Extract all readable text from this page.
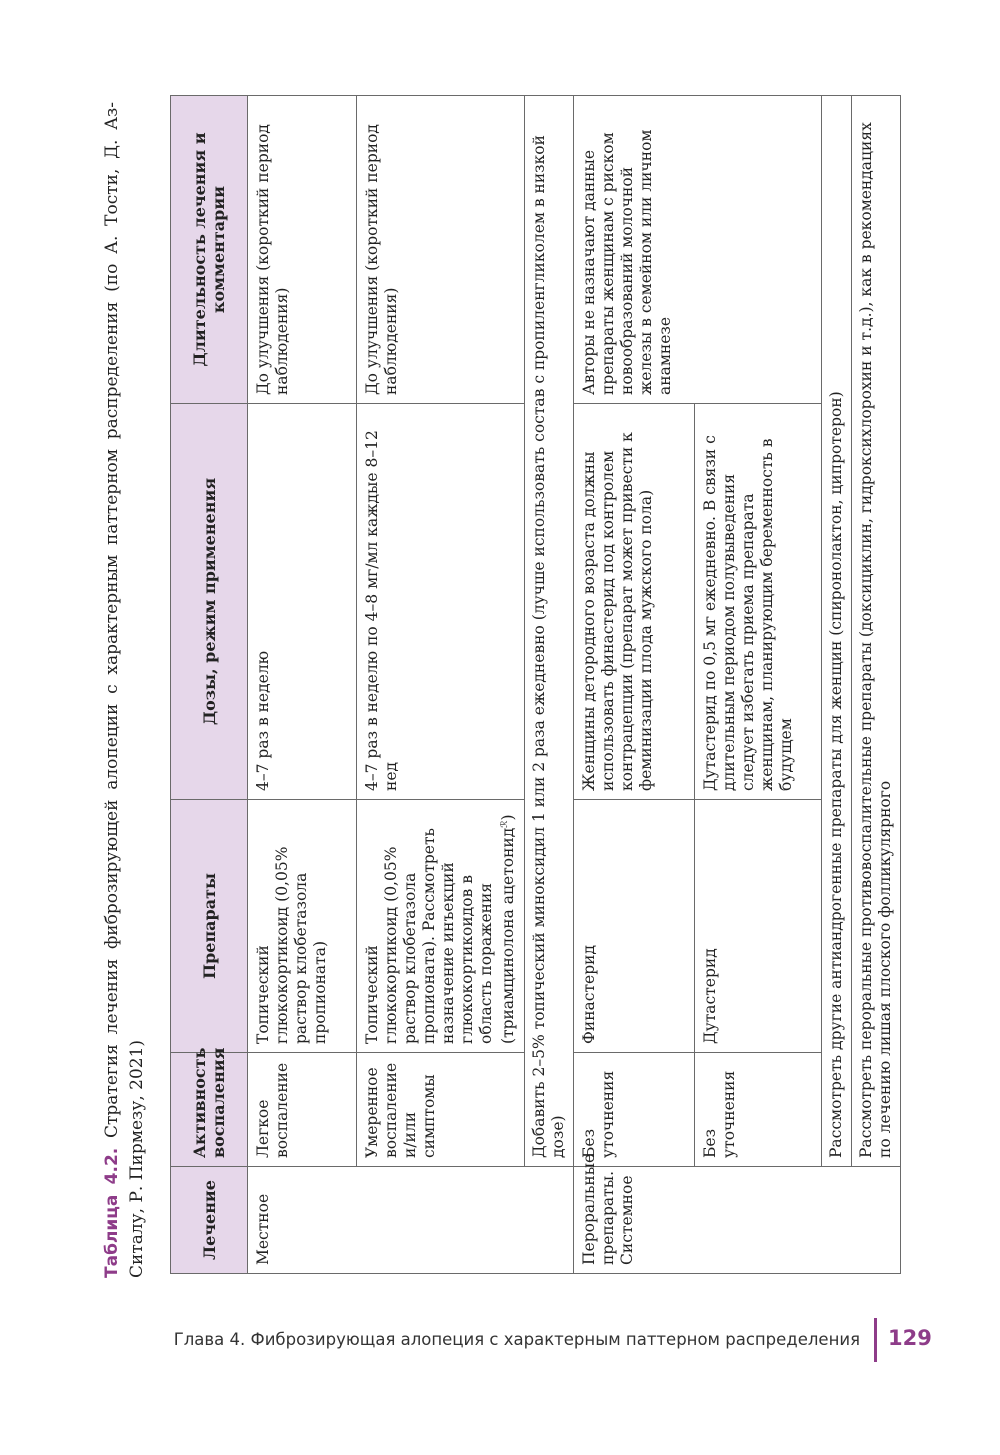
Таблица 4.2. Стратегия лечения фиброзирующей алопеции с характерным паттерном распределения (по А. Тости, Д. Аз-Ситалу, Р. Пирмезу, 2021)	Лечение	Активность воспаления	Препараты	Дозы, режим применения	Длительность лечения и комментарии
Местное	Легкое воспаление	Топический глюкокортикоид (0,05% раствор клобетазола пропионата)	4–7 раз в неделю	До улучшения (короткий период наблюдения)
	Умеренное воспаление и/или симптомы	Топический глюкокортикоид (0,05% раствор клобетазола пропионата). Рассмотреть назначение инъекций глюкокортикоидов в область поражения (триамцинолона ацетонид$^ℛ$)	4–7 раз в неделю по 4–8 мг/мл каждые 8–12 нед	До улучшения (короткий период наблюдения)
	Добавить 2–5% топический миноксидил 1 или 2 раза ежедневно (лучше использовать состав с пропиленгликолем в низкой дозе)			
Пероральные препараты. Системное	Без уточнения	Финастерид	Женщины детородного возраста должны использовать финастерид под контролем контрацепции (препарат может привести к феминизации плода мужского пола)	Авторы не назначают данные препараты женщинам с риском новообразований молочной железы в семейном или личном анамнезе
	Без уточнения	Дутастерид	Дутастерид по 0,5 мг ежедневно. В связи с длительным периодом полувыведения следует избегать приема препарата женщинам, планирующим беременность в будущем	
	Рассмотреть другие антиандрогенные препараты для женщин (спиронолактон, ципротерон)			
	Рассмотреть пероральные противовоспалительные препараты (доксициклин, гидроксихлорохин и т.д.), как в рекомендациях по лечению лишая плоского фолликулярного			
Глава 4. Фиброзирующая алопеция с характерным паттерном распределения 129
